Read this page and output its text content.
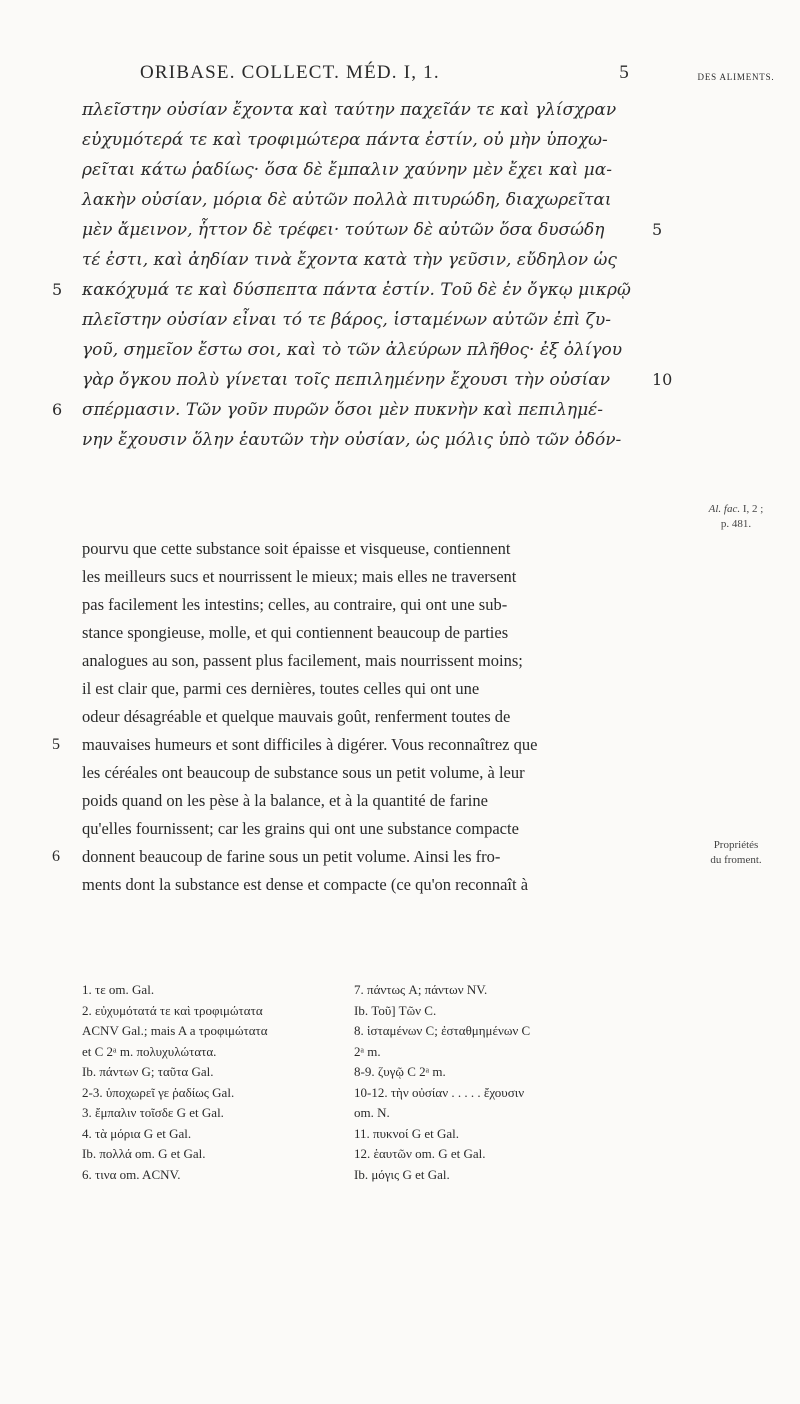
ORIBASE. COLLECT. MÉD. I, 1.	5	DES ALIMENTS.
πλεῖστην οὐσίαν ἔχοντα καὶ ταύτην παχεῖάν τε καὶ γλίσχραν
εὐχυμότερά τε καὶ τροφιμώτερα πάντα ἐστίν, οὐ μὴν ὑποχω-
ρεῖται κάτω ῥαδίως· ὅσα δὲ ἔμπαλιν χαύνην μὲν ἔχει καὶ μα-
λακὴν οὐσίαν, μόρια δὲ αὐτῶν πολλὰ πιτυρώδη, διαχωρεῖται
μὲν ἄμεινον, ἧττον δὲ τρέφει· τούτων δὲ αὐτῶν ὅσα δυσώδη	5
τέ ἐστι, καὶ ἀηδίαν τινὰ ἔχοντα κατὰ τὴν γεῦσιν, εὔδηλον ὡς
5 κακόχυμά τε καὶ δύσπεπτα πάντα ἐστίν. Τοῦ δὲ ἐν ὄγκῳ μικρῷ
πλεῖστην οὐσίαν εἶναι τό τε βάρος, ἱσταμένων αὐτῶν ἐπὶ ζυ-
γοῦ, σημεῖον ἔστω σοι, καὶ τὸ τῶν ἀλεύρων πλῆθος· ἐξ ὀλίγου
γὰρ ὄγκου πολὺ γίνεται τοῖς πεπιλημένην ἔχουσι τὴν οὐσίαν	10
6 σπέρμασιν. Τῶν γοῦν πυρῶν ὅσοι μὲν πυκνὴν καὶ πεπιλημέ-
νην ἔχουσιν ὅλην ἑαυτῶν τὴν οὐσίαν, ὡς μόλις ὑπὸ τῶν ὀδόν-
Al. fac. I, 2 ;
p. 481.
pourvu que cette substance soit épaisse et visqueuse, contiennent
les meilleurs sucs et nourrissent le mieux; mais elles ne traversent
pas facilement les intestins; celles, au contraire, qui ont une sub-
stance spongieuse, molle, et qui contiennent beaucoup de parties
analogues au son, passent plus facilement, mais nourrissent moins;
il est clair que, parmi ces dernières, toutes celles qui ont une
odeur désagréable et quelque mauvais goût, renferment toutes de
5 mauvaises humeurs et sont difficiles à digérer. Vous reconnaîtrez que
les céréales ont beaucoup de substance sous un petit volume, à leur
poids quand on les pèse à la balance, et à la quantité de farine
qu'elles fournissent; car les grains qui ont une substance compacte
6 donnent beaucoup de farine sous un petit volume. Ainsi les fro-
ments dont la substance est dense et compacte (ce qu'on reconnaît à
Propriétés
du froment.
1. τε om. Gal.
2. εὐχυμότατά τε καὶ τροφιμώτατα
ACNV Gal.; mais A a τροφιμώτατα
et C 2ᵃ m. πολυχυλώτατα.
Ib. πάντων G; ταῦτα Gal.
2-3. ὑποχωρεῖ γε ῥαδίως Gal.
3. ἔμπαλιν τοῖσδε G et Gal.
4. τὰ μόρια G et Gal.
Ib. πολλά om. G et Gal.
6. τινα om. ACNV.
7. πάντως A; πάντων NV.
Ib. Τοῦ] Τῶν C.
8. ἱσταμένων C; ἐσταθμημένων C
2ᵃ m.
8-9. ζυγῷ C 2ᵃ m.
10-12. τὴν οὐσίαν . . . . . ἔχουσιν
om. N.
11. πυκνοί G et Gal.
12. ἑαυτῶν om. G et Gal.
Ib. μόγις G et Gal.
